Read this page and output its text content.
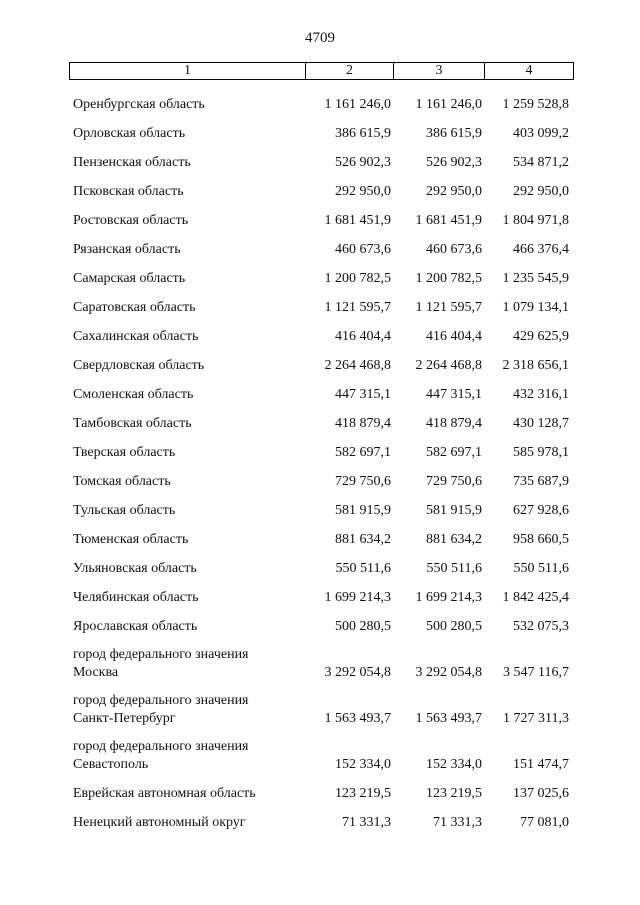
4709
1	2	3	4
Оренбургская область	1 161 246,0	1 161 246,0	1 259 528,8
Орловская область	386 615,9	386 615,9	403 099,2
Пензенская область	526 902,3	526 902,3	534 871,2
Псковская область	292 950,0	292 950,0	292 950,0
Ростовская область	1 681 451,9	1 681 451,9	1 804 971,8
Рязанская область	460 673,6	460 673,6	466 376,4
Самарская область	1 200 782,5	1 200 782,5	1 235 545,9
Саратовская область	1 121 595,7	1 121 595,7	1 079 134,1
Сахалинская область	416 404,4	416 404,4	429 625,9
Свердловская область	2 264 468,8	2 264 468,8	2 318 656,1
Смоленская область	447 315,1	447 315,1	432 316,1
Тамбовская область	418 879,4	418 879,4	430 128,7
Тверская область	582 697,1	582 697,1	585 978,1
Томская область	729 750,6	729 750,6	735 687,9
Тульская область	581 915,9	581 915,9	627 928,6
Тюменская область	881 634,2	881 634,2	958 660,5
Ульяновская область	550 511,6	550 511,6	550 511,6
Челябинская область	1 699 214,3	1 699 214,3	1 842 425,4
Ярославская область	500 280,5	500 280,5	532 075,3
город федерального значения
Москва	3 292 054,8	3 292 054,8	3 547 116,7
город федерального значения
Санкт-Петербург	1 563 493,7	1 563 493,7	1 727 311,3
город федерального значения
Севастополь	152 334,0	152 334,0	151 474,7
Еврейская автономная область	123 219,5	123 219,5	137 025,6
Ненецкий автономный округ	71 331,3	71 331,3	77 081,0
